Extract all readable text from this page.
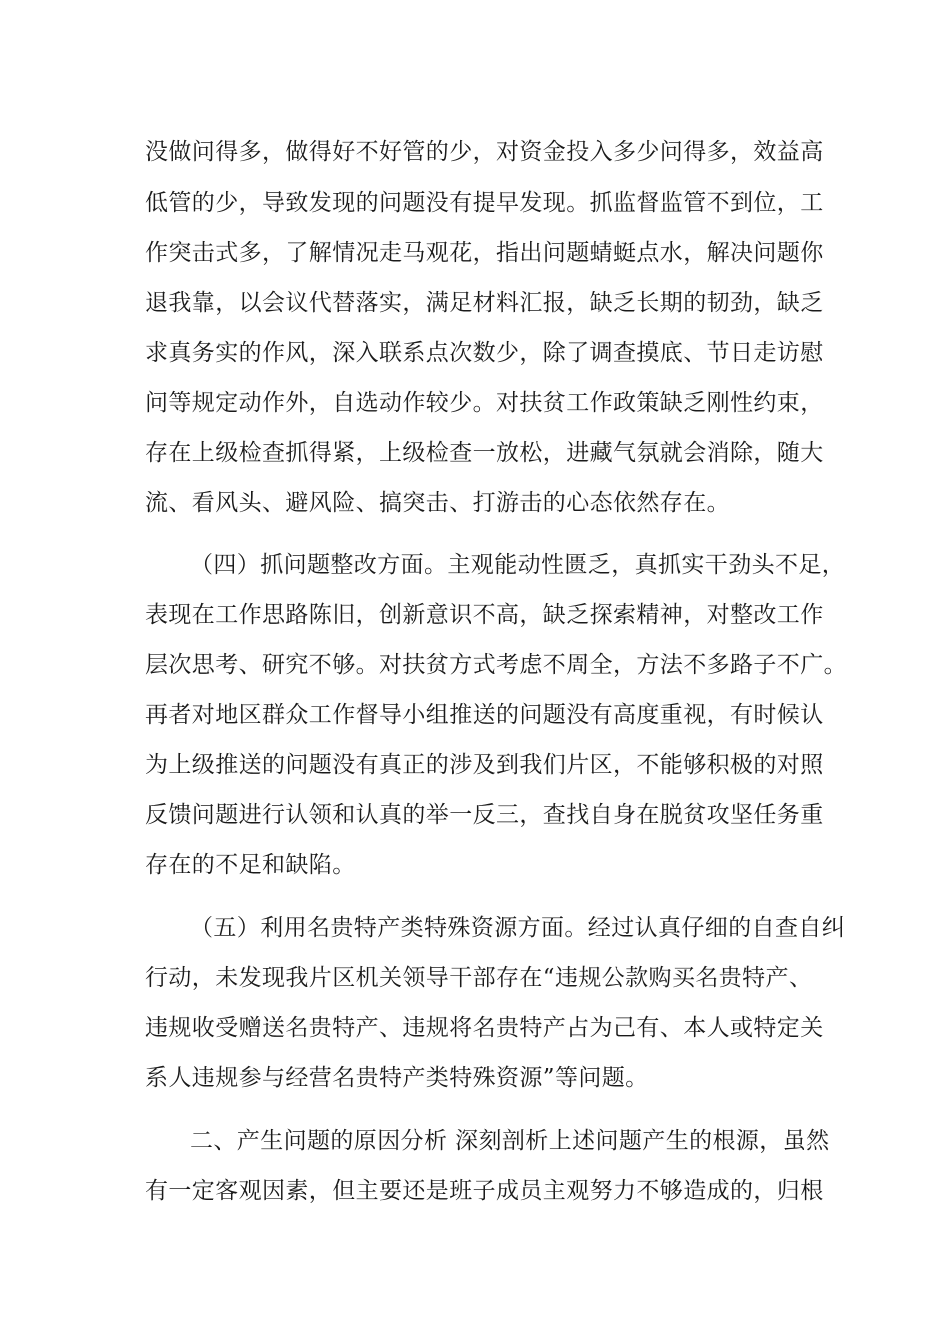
没做问得多，做得好不好管的少，对资金投入多少问得多，效益高

低管的少，导致发现的问题没有提早发现。抓监督监管不到位，工

作突击式多，了解情况走马观花，指出问题蜻蜓点水，解决问题你

退我靠，以会议代替落实，满足材料汇报，缺乏长期的韧劲，缺乏

求真务实的作风，深入联系点次数少，除了调查摸底、节日走访慰

问等规定动作外，自选动作较少。对扶贫工作政策缺乏刚性约束，

存在上级检查抓得紧，上级检查一放松，进藏气氛就会消除，随大

流、看风头、避风险、搞突击、打游击的心态依然存在。

（四）抓问题整改方面。主观能动性匮乏，真抓实干劲头不足，

表现在工作思路陈旧，创新意识不高，缺乏探索精神，对整改工作

层次思考、研究不够。对扶贫方式考虑不周全，方法不多路子不广。

再者对地区群众工作督导小组推送的问题没有高度重视，有时候认

为上级推送的问题没有真正的涉及到我们片区，不能够积极的对照

反馈问题进行认领和认真的举一反三，查找自身在脱贫攻坚任务重

存在的不足和缺陷。

（五）利用名贵特产类特殊资源方面。经过认真仔细的自查自纠

行动，未发现我片区机关领导干部存在“违规公款购买名贵特产、

违规收受赠送名贵特产、违规将名贵特产占为己有、本人或特定关

系人违规参与经营名贵特产类特殊资源”等问题。

二、产生问题的原因分析 深刻剖析上述问题产生的根源，虽然

有一定客观因素，但主要还是班子成员主观努力不够造成的，归根
